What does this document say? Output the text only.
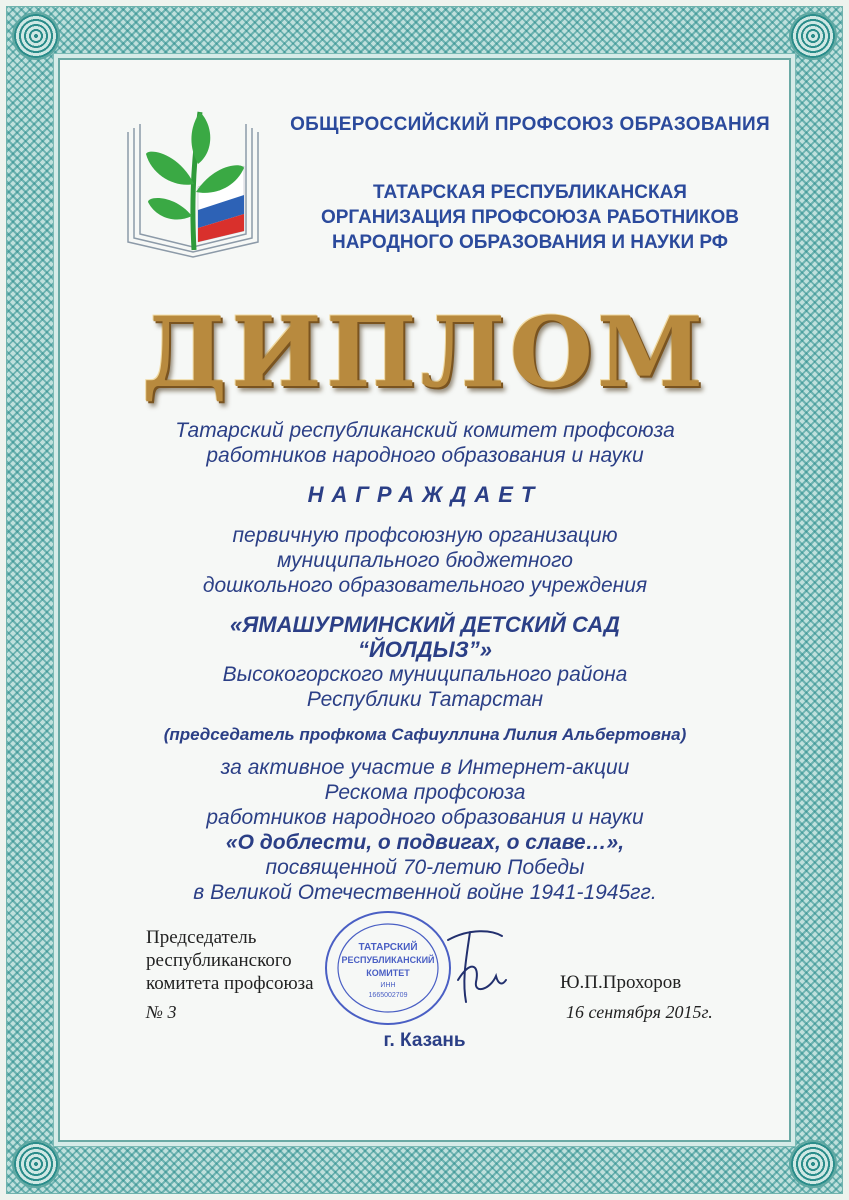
ОБЩЕРОССИЙСКИЙ ПРОФСОЮЗ ОБРАЗОВАНИЯ
ТАТАРСКАЯ РЕСПУБЛИКАНСКАЯ
ОРГАНИЗАЦИЯ ПРОФСОЮЗА РАБОТНИКОВ
НАРОДНОГО ОБРАЗОВАНИЯ И НАУКИ РФ
ДИПЛОМ

Татарский республиканский комитет профсоюза

работников народного образования и науки

НАГРАЖДАЕТ

первичную профсоюзную организацию

муниципального бюджетного

дошкольного образовательного учреждения

«ЯМАШУРМИНСКИЙ ДЕТСКИЙ САД
“ЙОЛДЫЗ”»

Высокогорского муниципального района

Республики Татарстан

(председатель профкома Сафиуллина Лилия Альбертовна)

за активное участие в Интернет-акции

Рескома профсоюза

работников народного образования и науки

«О доблести, о подвигах, о славе…»,

посвященной 70-летию Победы

в Великой Отечественной войне 1941-1945гг.

ТАТАРСКИЙ
РЕСПУБЛИКАНСКИЙ
КОМИТЕТ
ИНН
1665002709
Председатель
республиканского
комитета профсоюза	Ю.П.Прохоров
№ 3	16 сентября 2015г.
г. Казань
